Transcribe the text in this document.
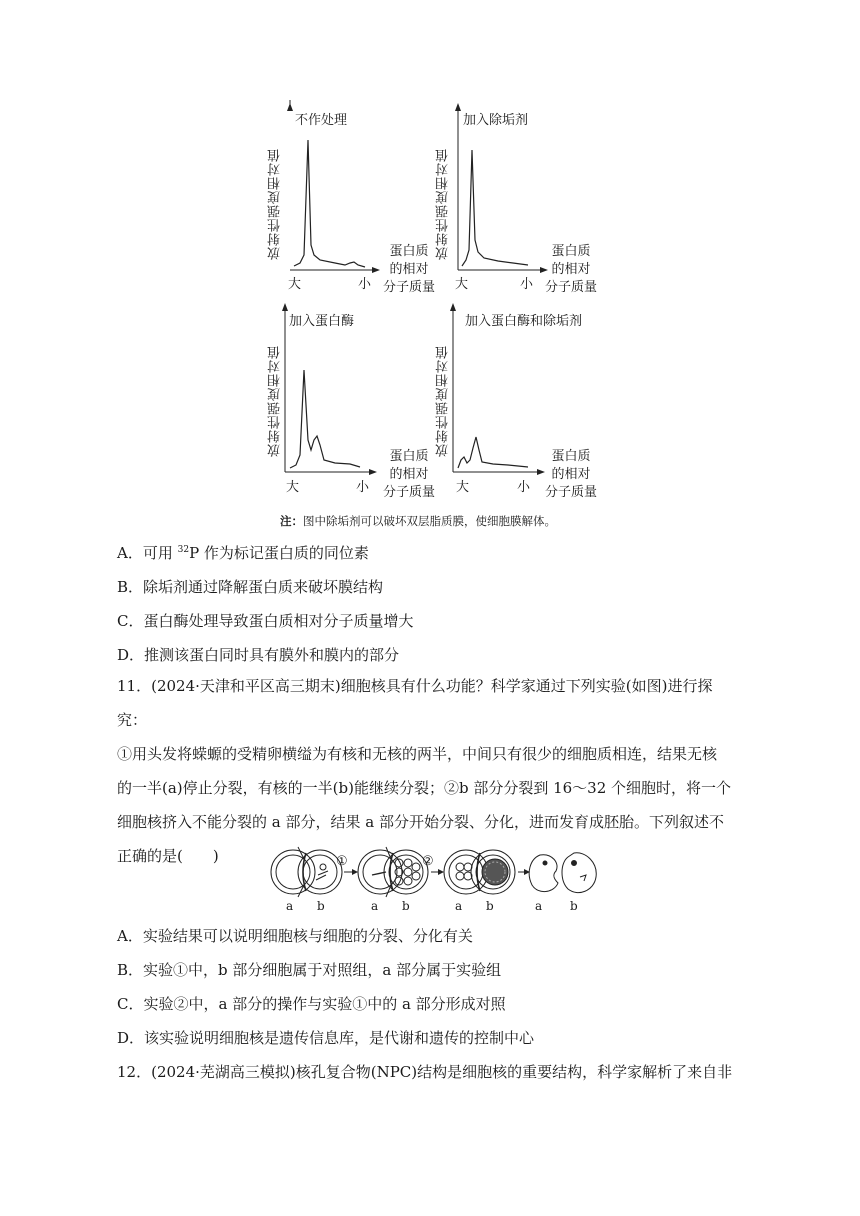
不作处理
放射性强度相对值	蛋白质
的相对
分子质量
大	小
加入除垢剂
放射性强度相对值	蛋白质
的相对
分子质量
大	小
加入蛋白酶
放射性强度相对值	蛋白质
的相对
分子质量
大	小
加入蛋白酶和除垢剂
放射性强度相对值	蛋白质
的相对
分子质量
大	小
注：图中除垢剂可以破坏双层脂质膜，使细胞膜解体。
A．可用 $^{32}$P 作为标记蛋白质的同位素
B．除垢剂通过降解蛋白质来破坏膜结构
C．蛋白酶处理导致蛋白质相对分子质量增大
D．推测该蛋白同时具有膜外和膜内的部分
11．(2024·天津和平区高三期末)细胞核具有什么功能？科学家通过下列实验(如图)进行探究：
①用头发将蝾螈的受精卵横缢为有核和无核的两半，中间只有很少的细胞质相连，结果无核
的一半(a)停止分裂，有核的一半(b)能继续分裂；②b 部分分裂到 16～32 个细胞时，将一个
细胞核挤入不能分裂的 a 部分，结果 a 部分开始分裂、分化，进而发育成胚胎。下列叙述不
正确的是(　　)	①	②
a b	a b	a b	a b
A．实验结果可以说明细胞核与细胞的分裂、分化有关
B．实验①中，b 部分细胞属于对照组，a 部分属于实验组
C．实验②中，a 部分的操作与实验①中的 a 部分形成对照
D．该实验说明细胞核是遗传信息库，是代谢和遗传的控制中心
12．(2024·芜湖高三模拟)核孔复合物(NPC)结构是细胞核的重要结构，科学家解析了来自非
